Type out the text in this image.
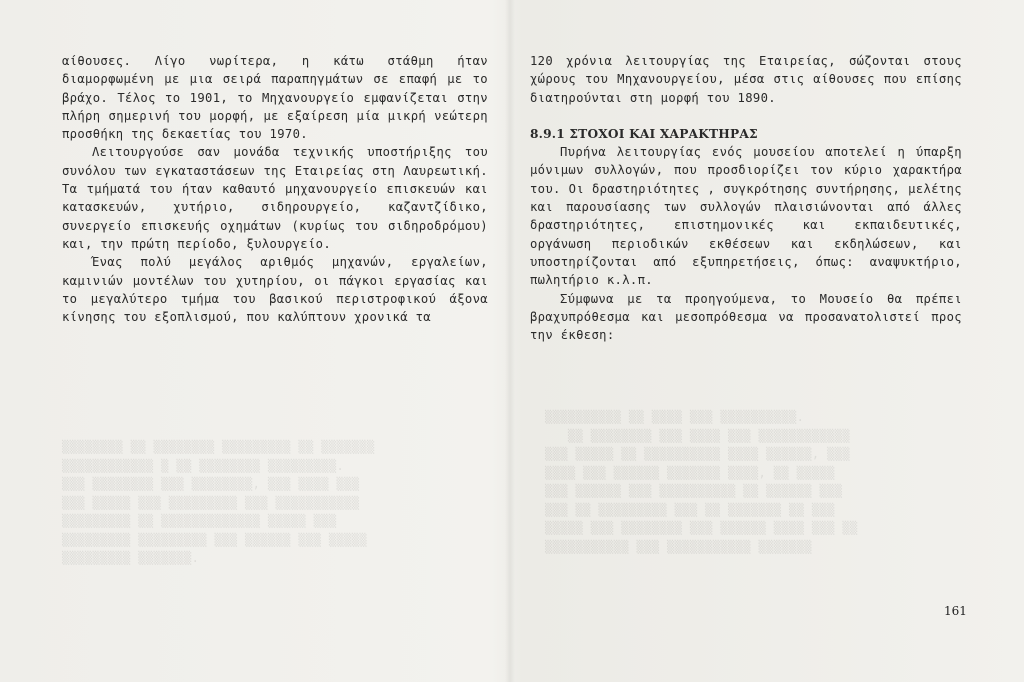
▒▒▒▒▒▒▒▒ ▒▒ ▒▒▒▒▒▒▒▒ ▒▒▒▒▒▒▒▒▒ ▒▒ ▒▒▒▒▒▒▒
▒▒▒▒▒▒▒▒▒▒▒▒ ▒ ▒▒ ▒▒▒▒▒▒▒▒ ▒▒▒▒▒▒▒▒▒.
▒▒▒ ▒▒▒▒▒▒▒▒ ▒▒▒ ▒▒▒▒▒▒▒▒, ▒▒▒ ▒▒▒▒ ▒▒▒
▒▒▒ ▒▒▒▒▒ ▒▒▒ ▒▒▒▒▒▒▒▒▒ ▒▒▒ ▒▒▒▒▒▒▒▒▒▒▒
▒▒▒▒▒▒▒▒▒ ▒▒ ▒▒▒▒▒▒▒▒▒▒▒▒▒ ▒▒▒▒▒ ▒▒▒
▒▒▒▒▒▒▒▒▒ ▒▒▒▒▒▒▒▒▒ ▒▒▒ ▒▒▒▒▒▒ ▒▒▒ ▒▒▒▒▒
▒▒▒▒▒▒▒▒▒ ▒▒▒▒▒▒▒.
▒▒▒▒▒▒▒▒▒▒ ▒▒ ▒▒▒▒ ▒▒▒ ▒▒▒▒▒▒▒▒▒▒.
▒▒ ▒▒▒▒▒▒▒▒ ▒▒▒ ▒▒▒▒ ▒▒▒ ▒▒▒▒▒▒▒▒▒▒▒▒
▒▒▒ ▒▒▒▒▒ ▒▒ ▒▒▒▒▒▒▒▒▒▒ ▒▒▒▒ ▒▒▒▒▒▒, ▒▒▒
▒▒▒▒ ▒▒▒ ▒▒▒▒▒▒ ▒▒▒▒▒▒▒ ▒▒▒▒, ▒▒ ▒▒▒▒▒
▒▒▒ ▒▒▒▒▒▒ ▒▒▒ ▒▒▒▒▒▒▒▒▒▒ ▒▒ ▒▒▒▒▒▒ ▒▒▒
▒▒▒ ▒▒ ▒▒▒▒▒▒▒▒▒ ▒▒▒ ▒▒ ▒▒▒▒▒▒▒ ▒▒ ▒▒▒
▒▒▒▒▒ ▒▒▒ ▒▒▒▒▒▒▒▒ ▒▒▒ ▒▒▒▒▒▒ ▒▒▒▒ ▒▒▒ ▒▒
▒▒▒▒▒▒▒▒▒▒▒ ▒▒▒ ▒▒▒▒▒▒▒▒▒▒▒ ▒▒▒▒▒▒▒

αίθουσες. Λίγο νωρίτερα, η κάτω στάθμη ήταν διαμορφωμένη με μια σειρά παραπηγμάτων σε επαφή με το βράχο. Τέλος το 1901, το Μηχανουργείο εμφανίζεται στην πλήρη σημερινή του μορφή, με εξαίρεση μία μικρή νεώτερη προσθήκη της δεκαετίας του 1970.

Λειτουργούσε σαν μονάδα τεχνικής υποστήριξης του συνόλου των εγκαταστάσεων της Εταιρείας στη Λαυρεωτική. Τα τμήματά του ήταν καθαυτό μηχανουργείο επισκευών και κατασκευών, χυτήριο, σιδηρουργείο, καζαντζίδικο, συνεργείο επισκευής οχημάτων (κυρίως του σιδηροδρόμου) και, την πρώτη περίοδο, ξυλουργείο.

Ένας πολύ μεγάλος αριθμός μηχανών, εργαλείων, καμινιών μοντέλων του χυτηρίου, οι πάγκοι εργασίας και το μεγαλύτερο τμήμα του βασικού περιστροφικού άξονα κίνησης του εξοπλισμού, που καλύπτουν χρονικά τα

120 χρόνια λειτουργίας της Εταιρείας, σώζονται στους χώρους του Μηχανουργείου, μέσα στις αίθουσες που επίσης διατηρούνται στη μορφή του 1890.

8.9.1 ΣΤΟΧΟΙ ΚΑΙ ΧΑΡΑΚΤΗΡΑΣ

Πυρήνα λειτουργίας ενός μουσείου αποτελεί η ύπαρξη μόνιμων συλλογών, που προσδιορίζει τον κύριο χαρακτήρα του. Οι δραστηριότητες , συγκρότησης συντήρησης, μελέτης και παρουσίασης των συλλογών πλαισιώνονται από άλλες δραστηριότητες, επιστημονικές και εκπαιδευτικές, οργάνωση περιοδικών εκθέσεων και εκδηλώσεων, και υποστηρίζονται από εξυπηρετήσεις, όπως: αναψυκτήριο, πωλητήριο κ.λ.π.

Σύμφωνα με τα προηγούμενα, το Μουσείο θα πρέπει βραχυπρόθεσμα και μεσοπρόθεσμα να προσανατολιστεί προς την έκθεση:

161
